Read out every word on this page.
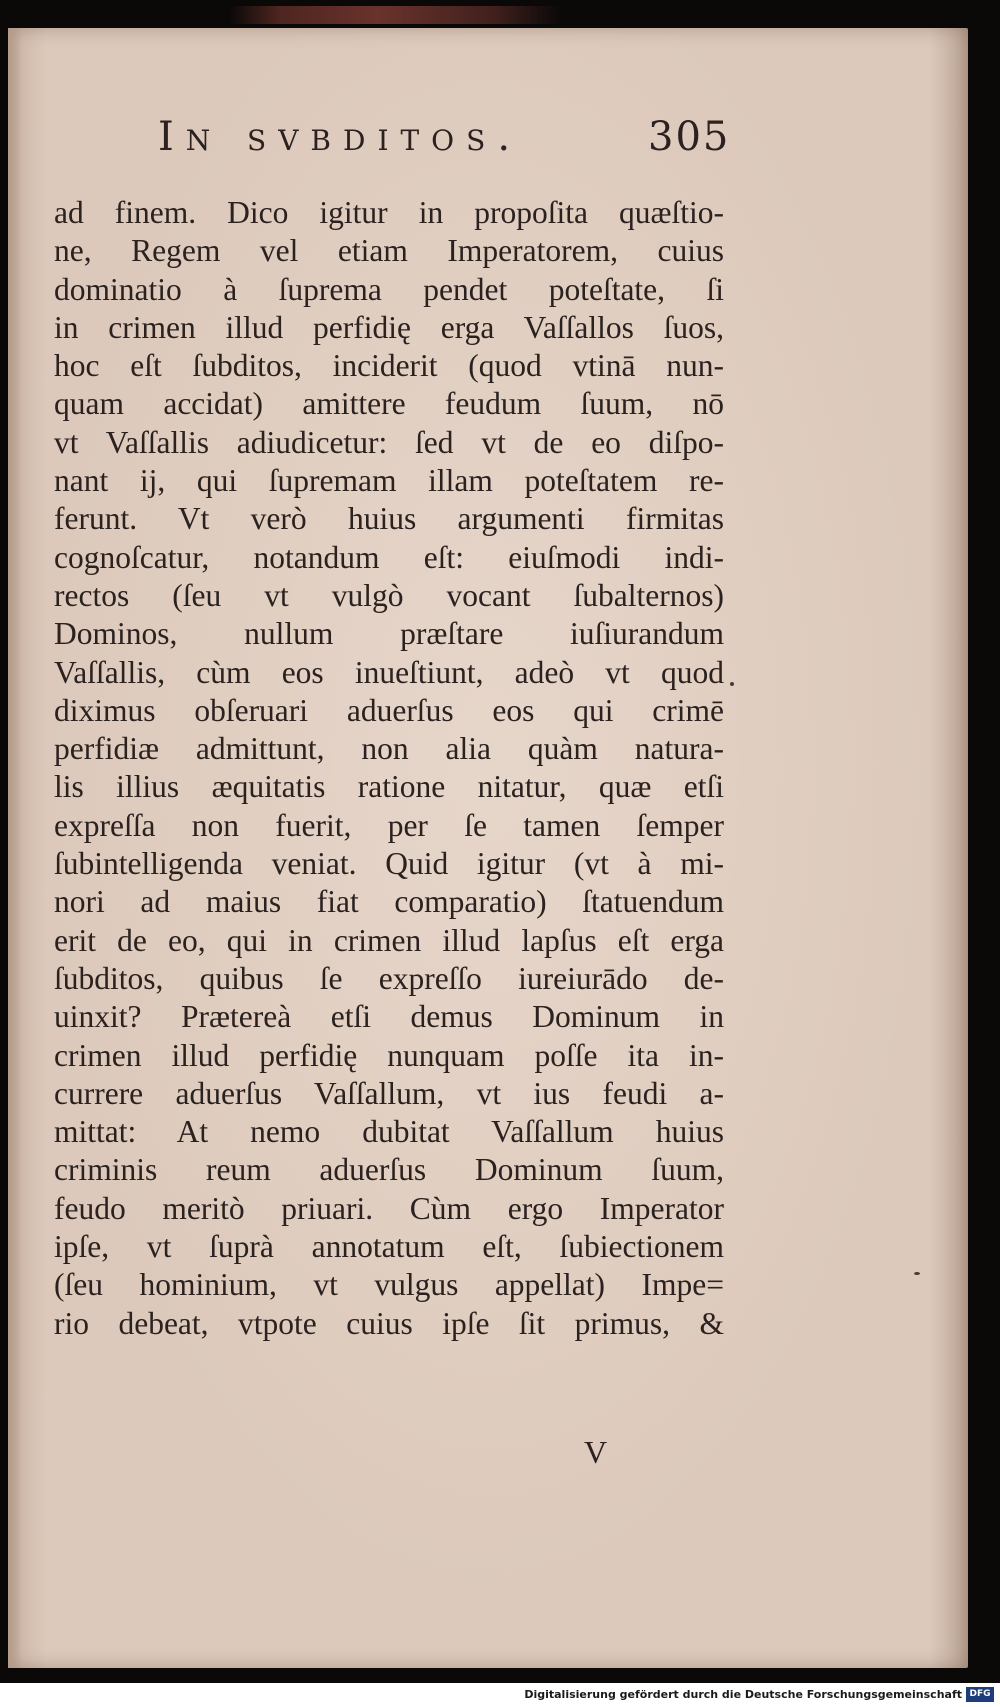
In svbditos.	305
ad finem. Dico igitur in propoſita quæſtio-
ne, Regem vel etiam Imperatorem, cuius
dominatio à ſuprema pendet poteſtate, ſi
in crimen illud perfidię erga Vaſſallos ſuos,
hoc eſt ſubditos, inciderit (quod vtinā nun-
quam accidat) amittere feudum ſuum, nō
vt Vaſſallis adiudicetur: ſed vt de eo diſpo-
nant ij, qui ſupremam illam poteſtatem re-
ferunt. Vt verò huius argumenti firmitas
cognoſcatur, notandum eſt: eiuſmodi indi-
rectos (ſeu vt vulgò vocant ſubalternos)
Dominos, nullum præſtare iuſiurandum
Vaſſallis, cùm eos inueſtiunt, adeò vt quod
diximus obſeruari aduerſus eos qui crimē
perfidiæ admittunt, non alia quàm natura-
lis illius æquitatis ratione nitatur, quæ etſi
expreſſa non fuerit, per ſe tamen ſemper
ſubintelligenda veniat. Quid igitur (vt à mi-
nori ad maius fiat comparatio) ſtatuendum
erit de eo, qui in crimen illud lapſus eſt erga
ſubditos, quibus ſe expreſſo iureiurādo de-
uinxit? Prætereà etſi demus Dominum in
crimen illud perfidię nunquam poſſe ita in-
currere aduerſus Vaſſallum, vt ius feudi a-
mittat: At nemo dubitat Vaſſallum huius
criminis reum aduerſus Dominum ſuum,
feudo meritò priuari. Cùm ergo Imperator
ipſe, vt ſuprà annotatum eſt, ſubiectionem
(ſeu hominium, vt vulgus appellat) Impe=
rio debeat, vtpote cuius ipſe ſit primus, &
V
Digitalisierung gefördert durch die Deutsche Forschungsgemeinschaft DFG
